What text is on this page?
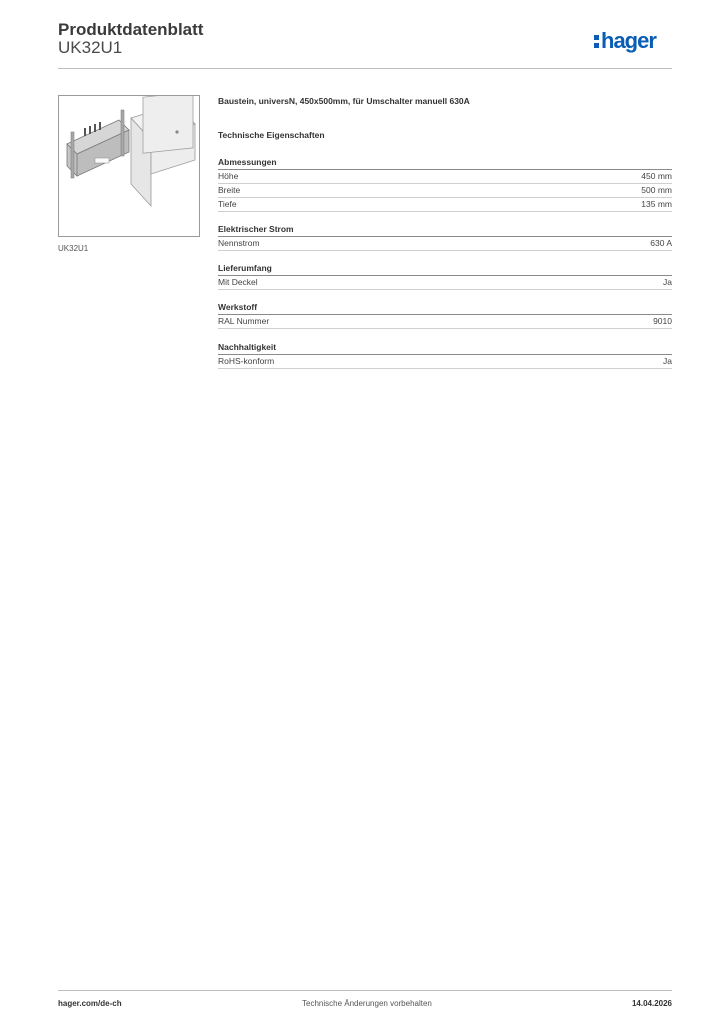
Produktdatenblatt
UK32U1	hager
UK32U1
Baustein, universN, 450x500mm, für Umschalter manuell 630A
Technische Eigenschaften
Abmessungen
Höhe	450 mm
Breite	500 mm
Tiefe	135 mm
Elektrischer Strom
Nennstrom	630 A
Lieferumfang
Mit Deckel	Ja
Werkstoff
RAL Nummer	9010
Nachhaltigkeit
RoHS-konform	Ja
hager.com/de-ch	Technische Änderungen vorbehalten	14.04.2026
